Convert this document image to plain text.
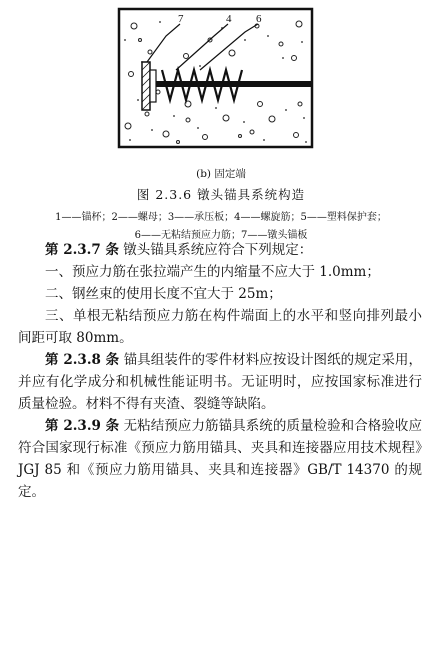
7	4 6
(b) 固定端
图 2.3.6 镦头锚具系统构造
1——锚杯；2——螺母；3——承压板；4——螺旋筋；5——塑料保护套；
6——无粘结预应力筋；7——镦头锚板

第 2.3.7 条 镦头锚具系统应符合下列规定：

一、预应力筋在张拉端产生的内缩量不应大于 1.0mm；

二、钢丝束的使用长度不宜大于 25m；

三、单根无粘结预应力筋在构件端面上的水平和竖向排列最小间距可取 80mm。

第 2.3.8 条 锚具组装件的零件材料应按设计图纸的规定采用，并应有化学成分和机械性能证明书。无证明时，应按国家标准进行质量检验。材料不得有夹渣、裂缝等缺陷。

第 2.3.9 条 无粘结预应力筋锚具系统的质量检验和合格验收应符合国家现行标准《预应力筋用锚具、夹具和连接器应用技术规程》JGJ 85 和《预应力筋用锚具、夹具和连接器》GB/T 14370 的规定。
